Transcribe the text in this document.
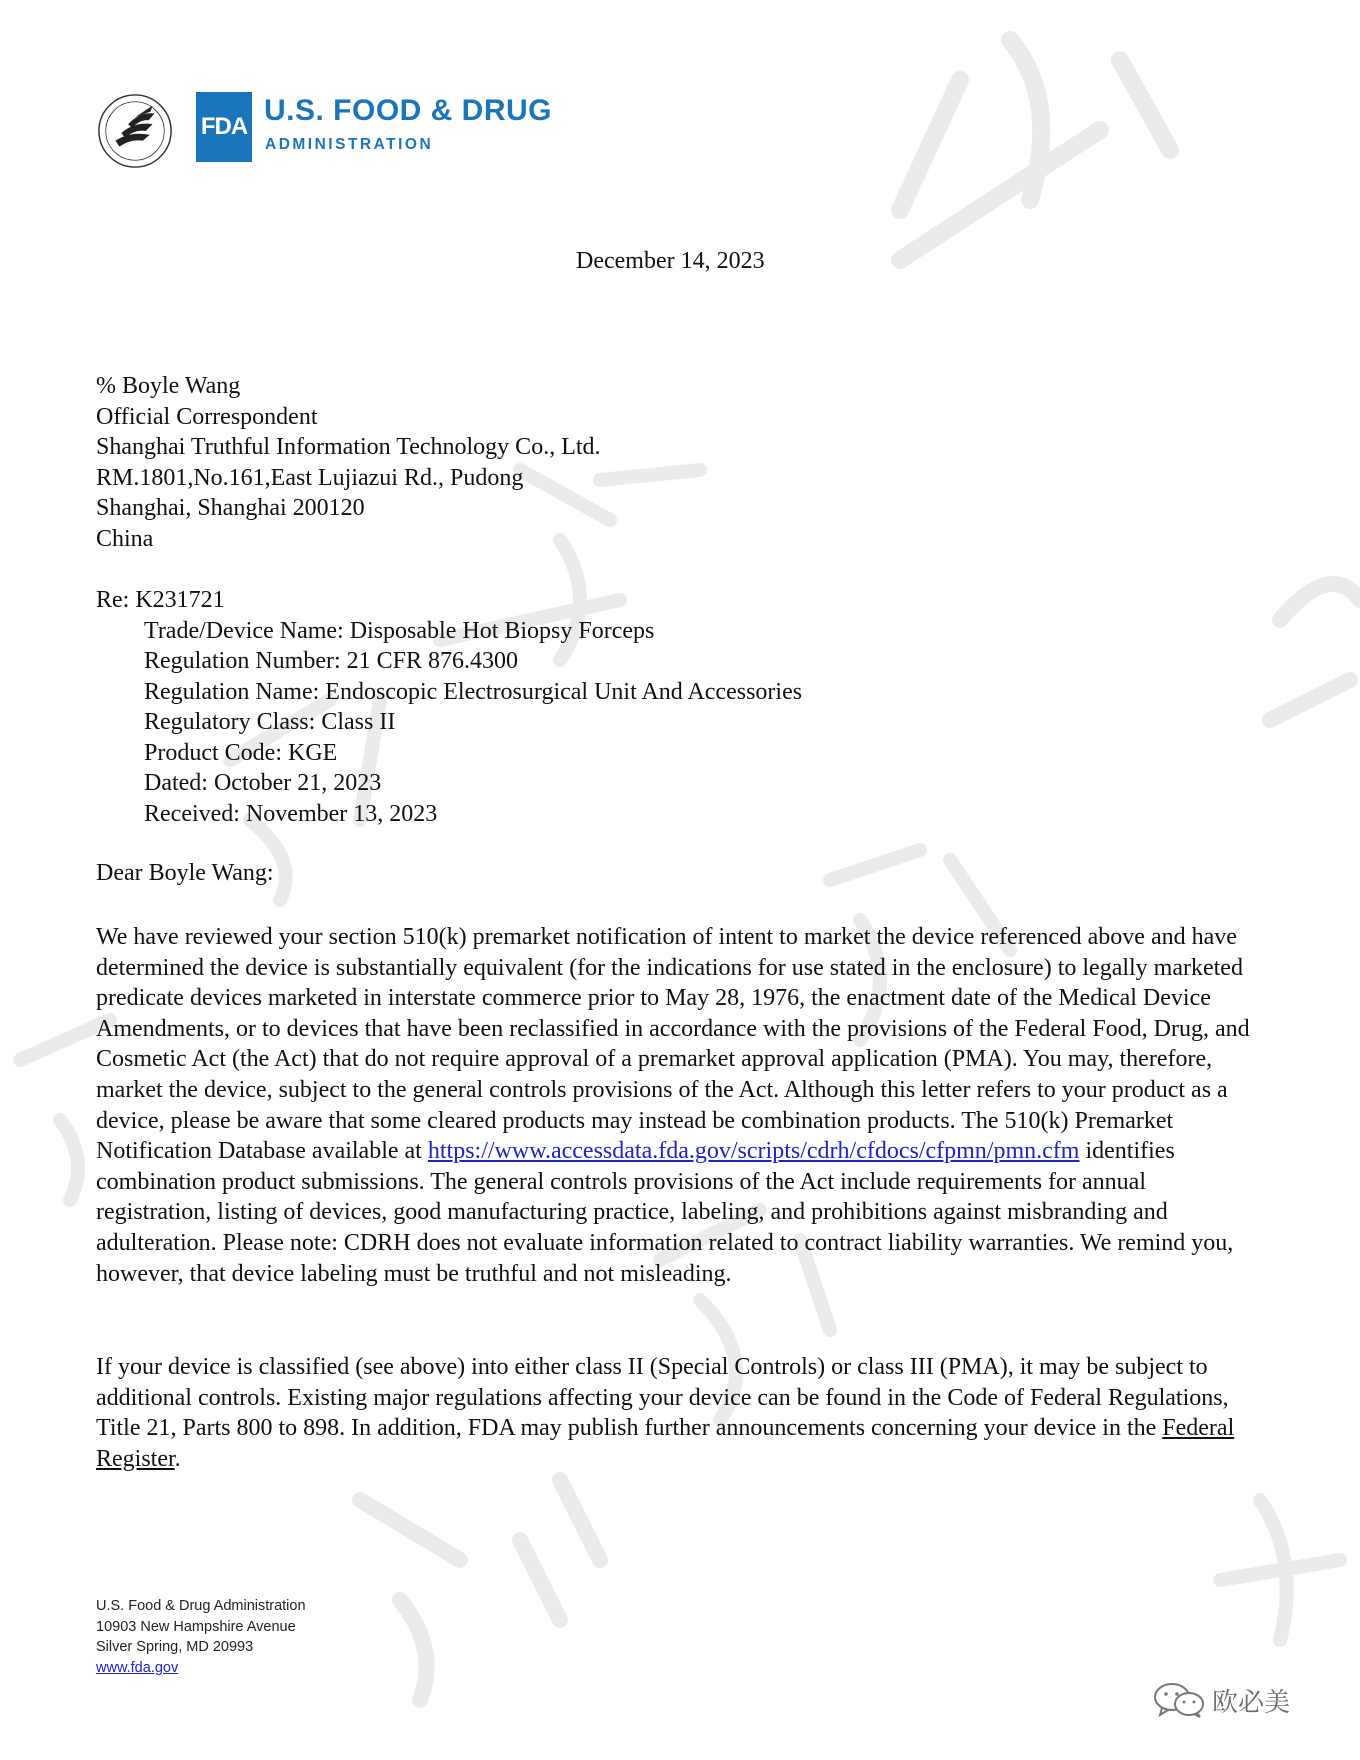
FDA U.S. FOOD & DRUG
ADMINISTRATION
December 14, 2023
% Boyle Wang
Official Correspondent
Shanghai Truthful Information Technology Co., Ltd.
RM.1801,No.161,East Lujiazui Rd., Pudong
Shanghai, Shanghai 200120
China
Re: K231721
Trade/Device Name: Disposable Hot Biopsy Forceps
Regulation Number: 21 CFR 876.4300
Regulation Name: Endoscopic Electrosurgical Unit And Accessories
Regulatory Class: Class II
Product Code: KGE
Dated: October 21, 2023
Received: November 13, 2023
Dear Boyle Wang:

We have reviewed your section 510(k) premarket notification of intent to market the device referenced above and have determined the device is substantially equivalent (for the indications for use stated in the enclosure) to legally marketed predicate devices marketed in interstate commerce prior to May 28, 1976, the enactment date of the Medical Device Amendments, or to devices that have been reclassified in accordance with the provisions of the Federal Food, Drug, and Cosmetic Act (the Act) that do not require approval of a premarket approval application (PMA). You may, therefore, market the device, subject to the general controls provisions of the Act. Although this letter refers to your product as a device, please be aware that some cleared products may instead be combination products. The 510(k) Premarket Notification Database available at https://www.accessdata.fda.gov/scripts/cdrh/cfdocs/cfpmn/pmn.cfm identifies combination product submissions. The general controls provisions of the Act include requirements for annual registration, listing of devices, good manufacturing practice, labeling, and prohibitions against misbranding and adulteration. Please note: CDRH does not evaluate information related to contract liability warranties. We remind you, however, that device labeling must be truthful and not misleading.

If your device is classified (see above) into either class II (Special Controls) or class III (PMA), it may be subject to additional controls. Existing major regulations affecting your device can be found in the Code of Federal Regulations, Title 21, Parts 800 to 898. In addition, FDA may publish further announcements concerning your device in the Federal Register.

U.S. Food & Drug Administration
10903 New Hampshire Avenue
Silver Spring, MD 20993
www.fda.gov
欧必美
